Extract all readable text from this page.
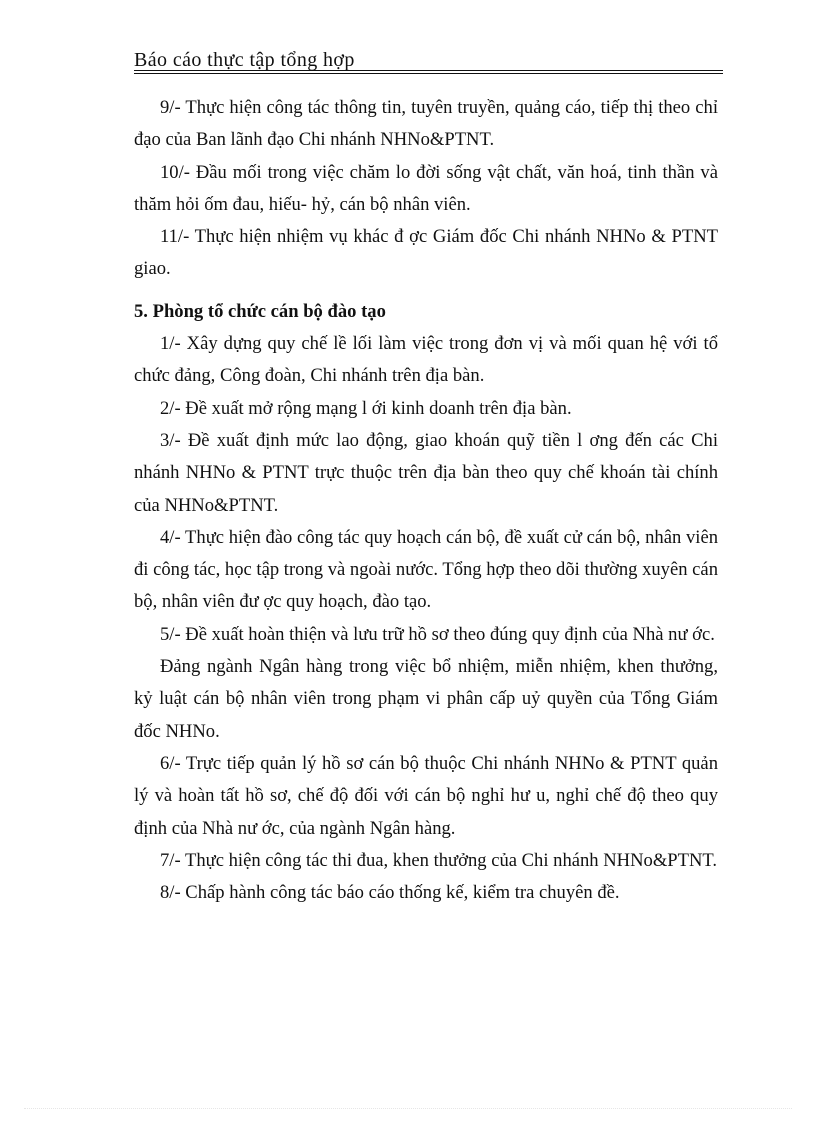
Báo cáo thực tập tổng hợp

9/- Thực hiện công tác thông tin, tuyên truyền, quảng cáo, tiếp thị theo chỉ đạo của Ban lãnh đạo Chi nhánh NHNo&PTNT.

10/- Đầu mối trong việc chăm lo đời sống vật chất, văn hoá, tinh thần và thăm hỏi ốm đau, hiếu- hỷ, cán bộ nhân viên.

11/- Thực hiện nhiệm vụ khác đ ợc Giám đốc Chi nhánh NHNo & PTNT giao.

5. Phòng tổ chức cán bộ đào tạo

1/- Xây dựng quy chế lề lối làm việc trong đơn vị và mối quan hệ với tổ chức đảng, Công đoàn, Chi nhánh trên địa bàn.

2/- Đề xuất mở rộng mạng l ới kinh doanh trên địa bàn.

3/- Đề xuất định mức lao động, giao khoán quỹ tiền l ơng đến các Chi nhánh NHNo & PTNT trực thuộc trên địa bàn theo quy chế khoán tài chính của NHNo&PTNT.

4/- Thực hiện đào công tác quy hoạch cán bộ, đề xuất cử cán bộ, nhân viên đi công tác, học tập trong và ngoài nước. Tổng hợp theo dõi thường xuyên cán bộ, nhân viên đư ợc quy hoạch, đào tạo.

5/- Đề xuất hoàn thiện và lưu trữ hồ sơ theo đúng quy định của Nhà nư ớc.

Đảng ngành Ngân hàng trong việc bổ nhiệm, miễn nhiệm, khen thưởng, kỷ luật cán bộ nhân viên trong phạm vi phân cấp uỷ quyền của Tổng Giám đốc NHNo.

6/- Trực tiếp quản lý hồ sơ cán bộ thuộc Chi nhánh NHNo & PTNT quản lý và hoàn tất hồ sơ, chế độ đối với cán bộ nghỉ hư u, nghỉ chế độ theo quy định của Nhà nư ớc, của ngành Ngân hàng.

7/- Thực hiện công tác thi đua, khen thưởng của Chi nhánh NHNo&PTNT.

8/- Chấp hành công tác báo cáo thống kế, kiểm tra chuyên đề.
